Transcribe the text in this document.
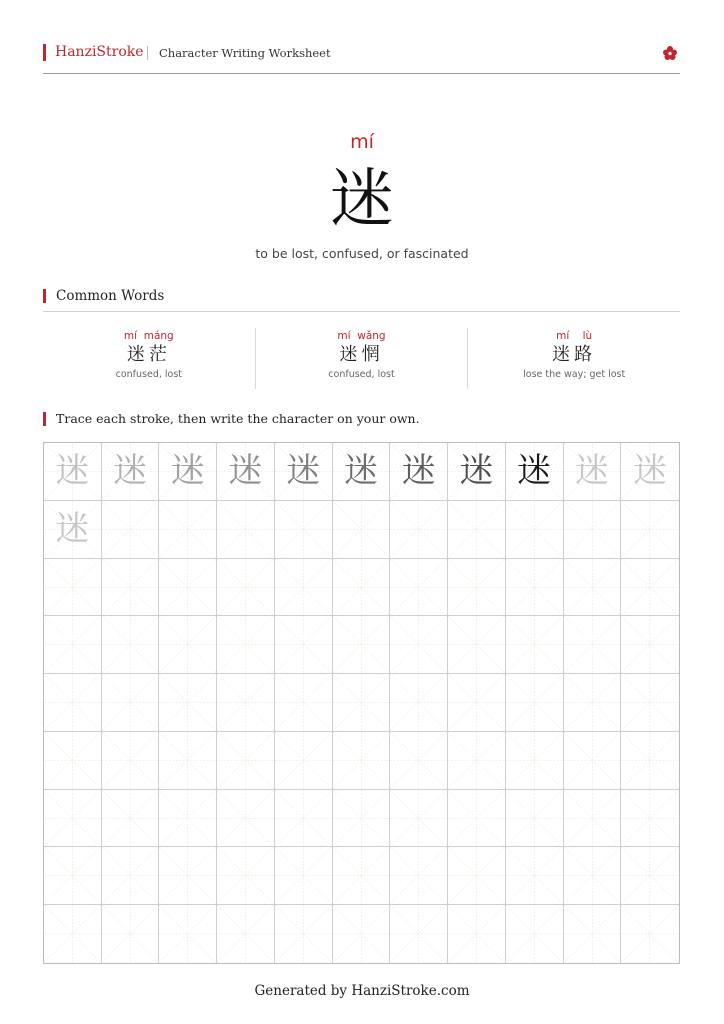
HanziStroke Character Writing Worksheet
mí
迷
to be lost, confused, or fascinated
Common Words
mí  máng
迷茫
confused, lost
mí  wǎng
迷惘
confused, lost
mí    lù
迷路
lose the way; get lost
Trace each stroke, then write the character on your own.
迷 迷 迷 迷 迷 迷 迷 迷 迷 迷 迷
迷
Generated by HanziStroke.com
